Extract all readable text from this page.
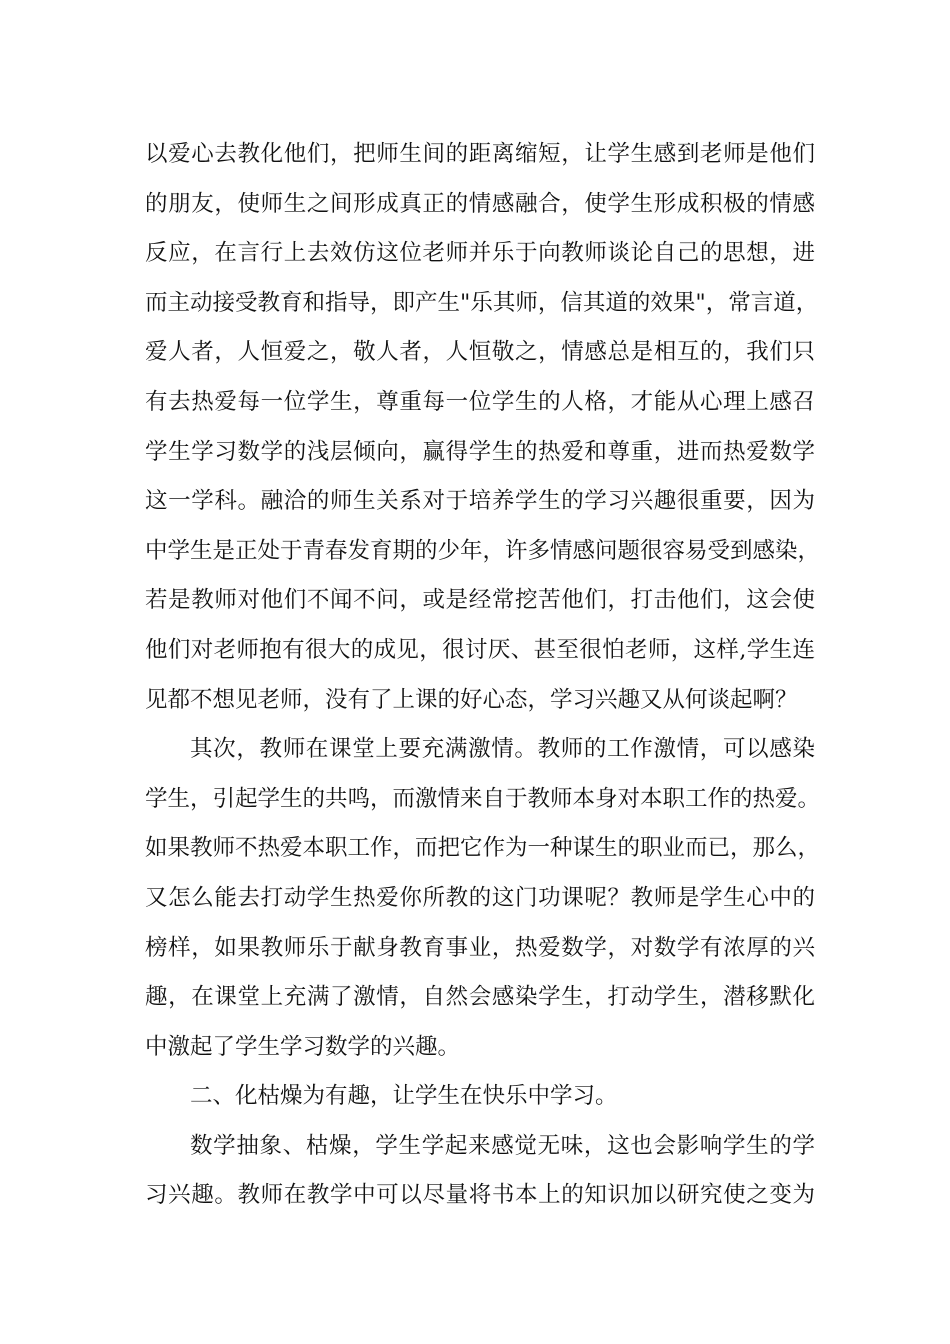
以爱心去教化他们，把师生间的距离缩短，让学生感到老师是他们
的朋友，使师生之间形成真正的情感融合，使学生形成积极的情感
反应，在言行上去效仿这位老师并乐于向教师谈论自己的思想，进
而主动接受教育和指导，即产生"乐其师，信其道的效果"，常言道，
爱人者，人恒爱之，敬人者，人恒敬之，情感总是相互的，我们只
有去热爱每一位学生，尊重每一位学生的人格，才能从心理上感召
学生学习数学的浅层倾向，赢得学生的热爱和尊重，进而热爱数学
这一学科。融洽的师生关系对于培养学生的学习兴趣很重要，因为
中学生是正处于青春发育期的少年，许多情感问题很容易受到感染，
若是教师对他们不闻不问，或是经常挖苦他们，打击他们，这会使
他们对老师抱有很大的成见，很讨厌、甚至很怕老师，这样,学生连
见都不想见老师，没有了上课的好心态，学习兴趣又从何谈起啊？
其次，教师在课堂上要充满激情。教师的工作激情，可以感染
学生，引起学生的共鸣，而激情来自于教师本身对本职工作的热爱。
如果教师不热爱本职工作，而把它作为一种谋生的职业而已，那么，
又怎么能去打动学生热爱你所教的这门功课呢？教师是学生心中的
榜样，如果教师乐于献身教育事业，热爱数学，对数学有浓厚的兴
趣，在课堂上充满了激情，自然会感染学生，打动学生，潜移默化
中激起了学生学习数学的兴趣。
二、化枯燥为有趣，让学生在快乐中学习。
数学抽象、枯燥，学生学起来感觉无味，这也会影响学生的学
习兴趣。教师在教学中可以尽量将书本上的知识加以研究使之变为
